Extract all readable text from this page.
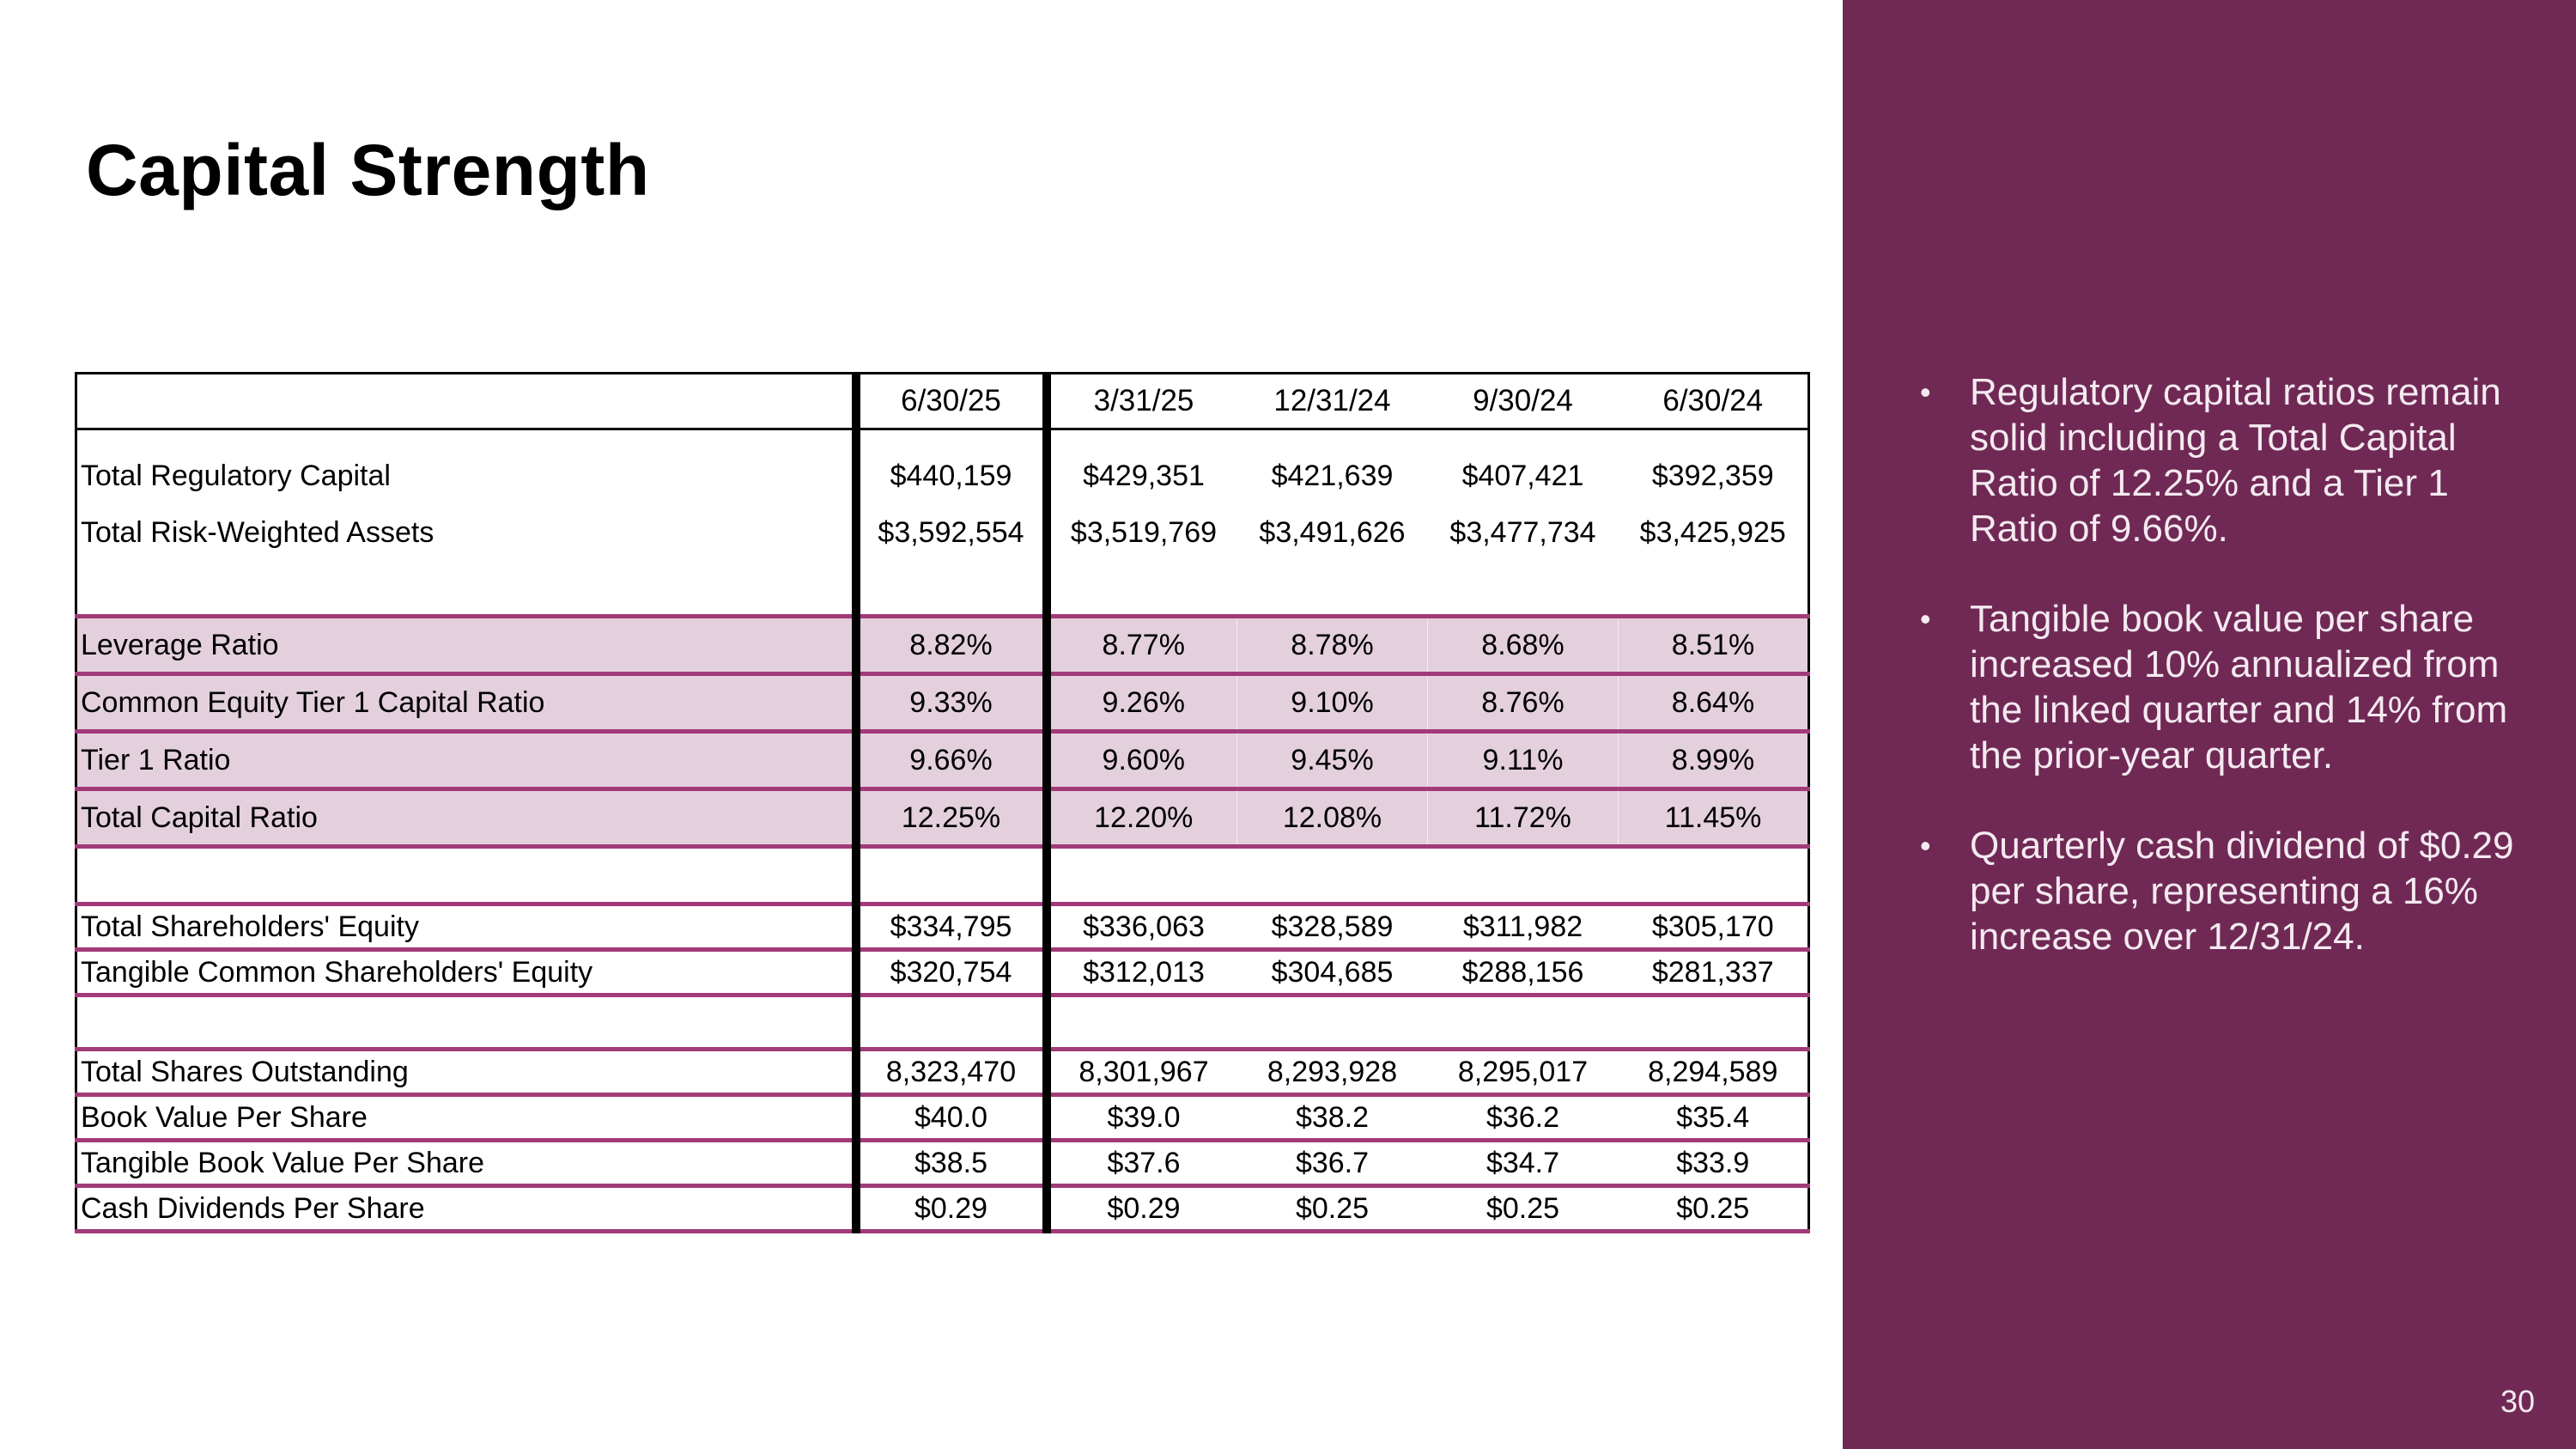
Capital Strength
	6/30/25	3/31/25	12/31/24	9/30/24	6/30/24

Total Regulatory Capital	$440,159	$429,351	$421,639	$407,421	$392,359
Total Risk-Weighted Assets	$3,592,554	$3,519,769	$3,491,626	$3,477,734	$3,425,925

Leverage Ratio	8.82%	8.77%	8.78%	8.68%	8.51%
Common Equity Tier 1 Capital Ratio	9.33%	9.26%	9.10%	8.76%	8.64%
Tier 1 Ratio	9.66%	9.60%	9.45%	9.11%	8.99%
Total Capital Ratio	12.25%	12.20%	12.08%	11.72%	11.45%

Total Shareholders' Equity	$334,795	$336,063	$328,589	$311,982	$305,170
Tangible Common Shareholders' Equity	$320,754	$312,013	$304,685	$288,156	$281,337

Total Shares Outstanding	8,323,470	8,301,967	8,293,928	8,295,017	8,294,589
Book Value Per Share	$40.0	$39.0	$38.2	$36.2	$35.4
Tangible Book Value Per Share	$38.5	$37.6	$36.7	$34.7	$33.9
Cash Dividends Per Share	$0.29	$0.29	$0.25	$0.25	$0.25
• Regulatory capital ratios remain solid including a Total Capital Ratio of 12.25% and a Tier 1 Ratio of 9.66%.
• Tangible book value per share increased 10% annualized from the linked quarter and 14% from the prior-year quarter.
• Quarterly cash dividend of $0.29 per share, representing a 16% increase over 12/31/24.
30
